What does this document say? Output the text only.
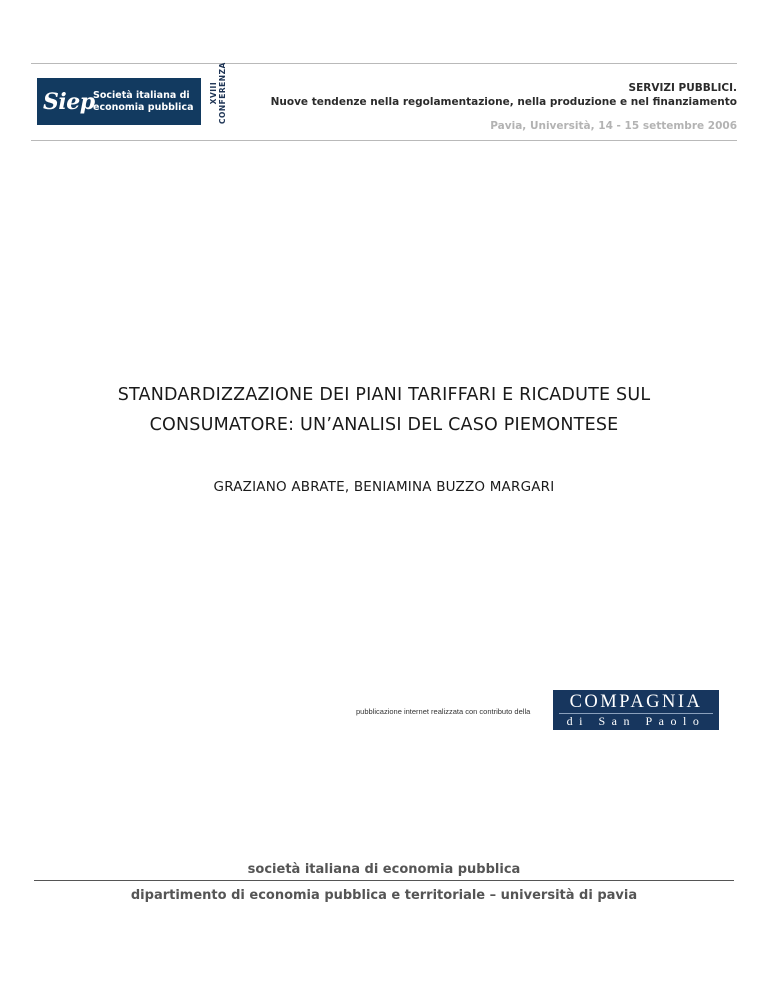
Siep
Società italiana di
economia pubblica
XVIII CONFERENZA	SERVIZI PUBBLICI.
Nuove tendenze nella regolamentazione, nella produzione e nel finanziamento
Pavia, Università, 14 - 15 settembre 2006
STANDARDIZZAZIONE DEI PIANI TARIFFARI E RICADUTE SUL
CONSUMATORE: UN’ANALISI DEL CASO PIEMONTESE
GRAZIANO ABRATE, BENIAMINA BUZZO MARGARI
pubblicazione internet realizzata con contributo della	COMPAGNIA
di San Paolo
società italiana di economia pubblica
dipartimento di economia pubblica e territoriale – università di pavia
